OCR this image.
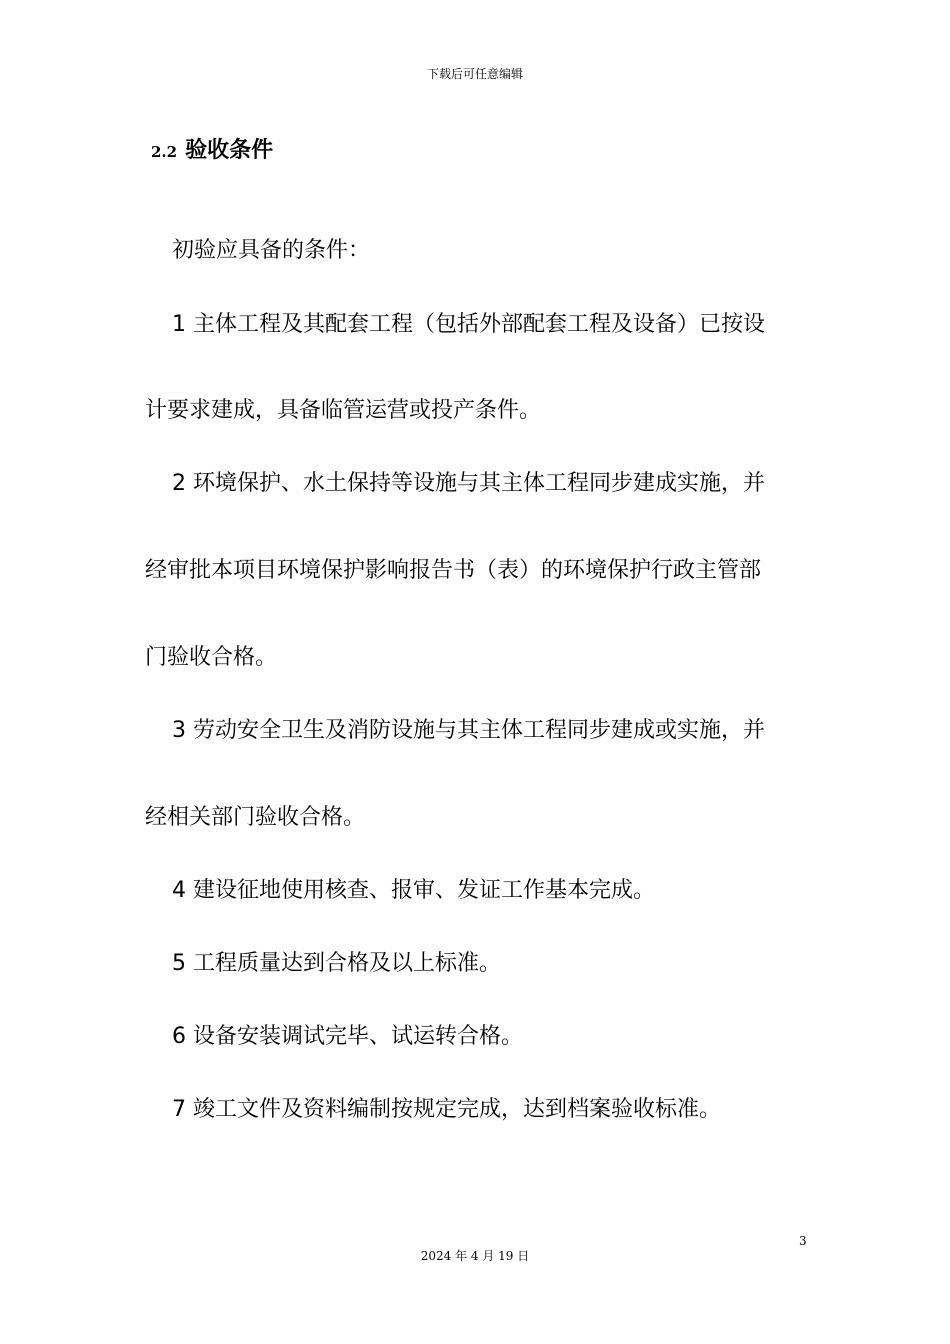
下载后可任意编辑
2.2 验收条件
初验应具备的条件：
1 主体工程及其配套工程（包括外部配套工程及设备）已按设
计要求建成，具备临管运营或投产条件。
2 环境保护、水土保持等设施与其主体工程同步建成实施，并
经审批本项目环境保护影响报告书（表）的环境保护行政主管部
门验收合格。
3 劳动安全卫生及消防设施与其主体工程同步建成或实施，并
经相关部门验收合格。
4 建设征地使用核查、报审、发证工作基本完成。
5 工程质量达到合格及以上标准。
6 设备安装调试完毕、试运转合格。
7 竣工文件及资料编制按规定完成，达到档案验收标准。
3
2024 年 4 月 19 日
